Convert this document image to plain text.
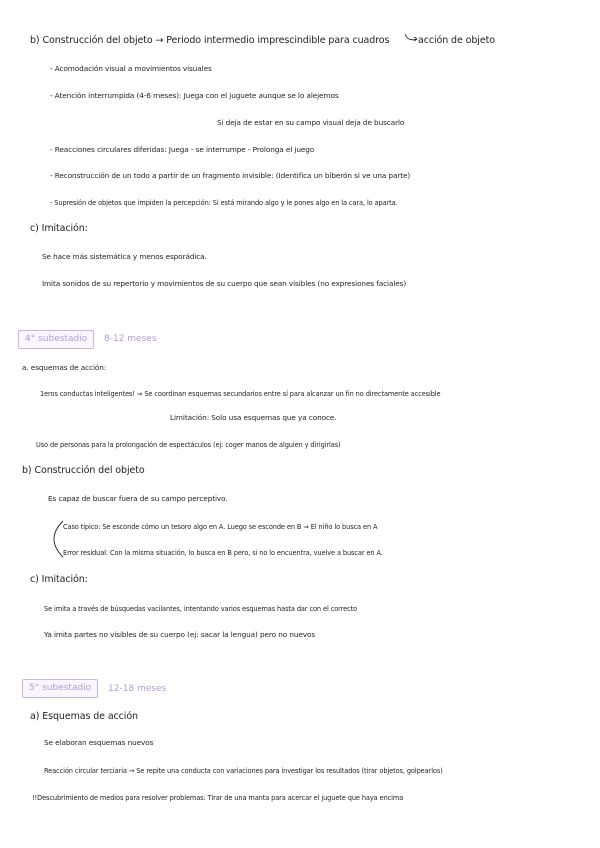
b) Construcción del objeto → Periodo intermedio imprescindible para cuadros	acción de objeto
- Acomodación visual a movimientos visuales
- Atención interrumpida (4-6 meses): Juega con el juguete aunque se lo alejemos
Si deja de estar en su campo visual deja de buscarlo
- Reacciones circulares diferidas: Juega - se interrumpe - Prolonga el juego
- Reconstrucción de un todo a partir de un fragmento invisible: (Identifica un biberón si ve una parte)
- Supresión de objetos que impiden la percepción: Si está mirando algo y le pones algo en la cara, lo aparta.
c) Imitación:
Se hace más sistemática y menos esporádica.
Imita sonidos de su repertorio y movimientos de su cuerpo que sean visibles (no expresiones faciales)
4° subestadio	8-12 meses
a. esquemas de acción:
1eros conductas inteligentes! ⇒ Se coordinan esquemas secundarios entre sí para alcanzar un fin no directamente accesible
Limitación: Solo usa esquemas que ya conoce.
Uso de personas para la prolongación de espectáculos (ej: coger manos de alguien y dirigirlas)
b) Construcción del objeto
Es capaz de buscar fuera de su campo perceptivo.
Caso típico: Se esconde cómo un tesoro algo en A. Luego se esconde en B ⇒ El niño lo busca en A
Error residual: Con la misma situación, lo busca en B pero, si no lo encuentra, vuelve a buscar en A.
c) Imitación:
Se imita a través de búsquedas vacilantes, intentando varios esquemas hasta dar con el correcto
Ya imita partes no visibles de su cuerpo (ej: sacar la lengua) pero no nuevos
5° subestadio	12-18 meses
a) Esquemas de acción
Se elaboran esquemas nuevos
Reacción circular terciaria → Se repite una conducta con variaciones para investigar los resultados (tirar objetos, golpearlos)
!!Descubrimiento de medios para resolver problemas: Tirar de una manta para acercar el juguete que haya encima
